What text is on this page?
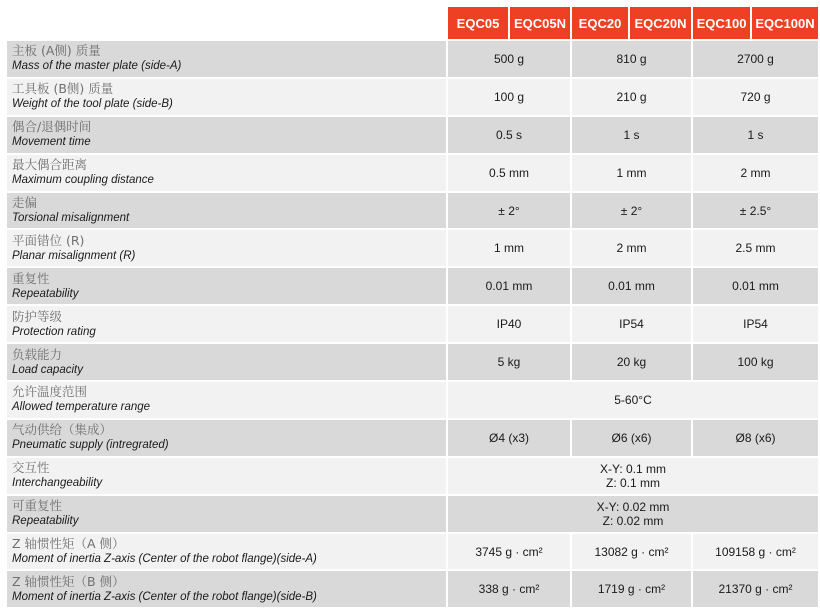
	EQC05	EQC05N	EQC20	EQC20N	EQC100	EQC100N

主板 (A侧) 质量
Mass of the master plate (side-A)	500 g		810 g		2700 g	

工具板 (B侧) 质量
Weight of the tool plate (side-B)	100 g		210 g		720 g	

偶合/退偶时间
Movement time	0.5 s		1 s		1 s	

最大偶合距离
Maximum coupling distance	0.5 mm		1 mm		2 mm	

走偏
Torsional misalignment	± 2°		± 2°		± 2.5°	

平面错位 (R)
Planar misalignment (R)	1 mm		2 mm		2.5 mm	

重复性
Repeatability	0.01 mm		0.01 mm		0.01 mm	

防护等级
Protection rating	IP40		IP54		IP54	

负载能力
Load capacity	5 kg		20 kg		100 kg	

允许温度范围
Allowed temperature range	5-60°C					

气动供给（集成）
Pneumatic supply (intregrated)	Ø4 (x3)		Ø6 (x6)		Ø8 (x6)	

交互性
Interchangeability	X-Y: 0.1 mm
Z: 0.1 mm					

可重复性
Repeatability	X-Y: 0.02 mm
Z: 0.02 mm					

Z 轴惯性矩（A 侧）
Moment of inertia Z-axis (Center of the robot flange)(side-A)	3745 g · cm²		13082 g · cm²		109158 g · cm²	

Z 轴惯性矩（B 侧）
Moment of inertia Z-axis (Center of the robot flange)(side-B)	338 g · cm²		1719 g · cm²		21370 g · cm²	
